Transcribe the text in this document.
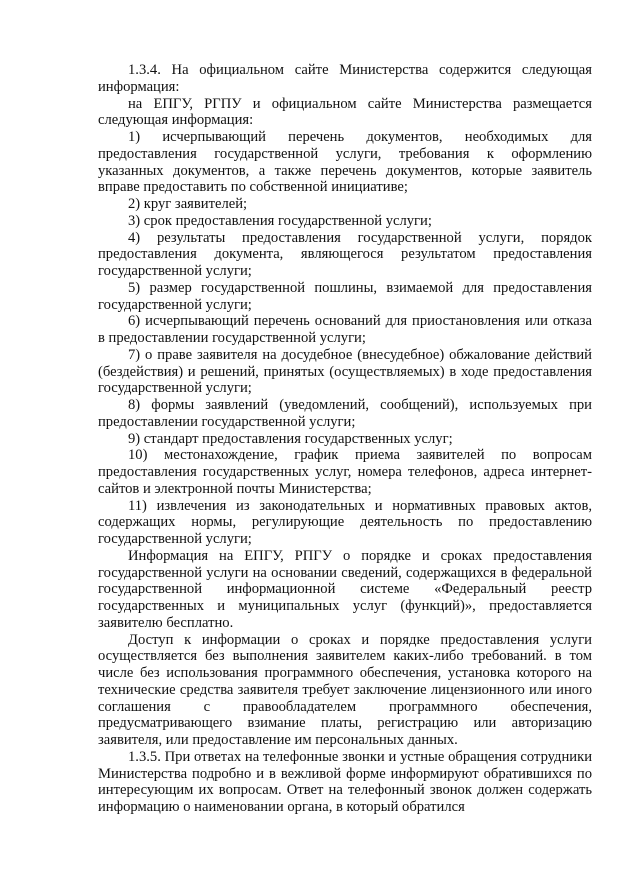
1.3.4. На официальном сайте Министерства содержится следующая информация:

на ЕПГУ, РГПУ и официальном сайте Министерства размещается следующая информация:

1) исчерпывающий перечень документов, необходимых для предоставления государственной услуги, требования к оформлению указанных документов, а также перечень документов, которые заявитель вправе предоставить по собственной инициативе;

2) круг заявителей;

3) срок предоставления государственной услуги;

4) результаты предоставления государственной услуги, порядок предоставления документа, являющегося результатом предоставления государственной услуги;

5) размер государственной пошлины, взимаемой для предоставления государственной услуги;

6) исчерпывающий перечень оснований для приостановления или отказа в предоставлении государственной услуги;

7) о праве заявителя на досудебное (внесудебное) обжалование действий (бездействия) и решений, принятых (осуществляемых) в ходе предоставления государственной услуги;

8) формы заявлений (уведомлений, сообщений), используемых при предоставлении государственной услуги;

9) стандарт предоставления государственных услуг;

10) местонахождение, график приема заявителей по вопросам предоставления государственных услуг, номера телефонов, адреса интернет-сайтов и электронной почты Министерства;

11) извлечения из законодательных и нормативных правовых актов, содержащих нормы, регулирующие деятельность по предоставлению государственной услуги;

Информация на ЕПГУ, РПГУ о порядке и сроках предоставления государственной услуги на основании сведений, содержащихся в федеральной государственной информационной системе «Федеральный реестр государственных и муниципальных услуг (функций)», предоставляется заявителю бесплатно.

Доступ к информации о сроках и порядке предоставления услуги осуществляется без выполнения заявителем каких-либо требований. в том числе без использования программного обеспечения, установка которого на технические средства заявителя требует заключение лицензионного или иного соглашения с правообладателем программного обеспечения, предусматривающего взимание платы, регистрацию или авторизацию заявителя, или предоставление им персональных данных.

1.3.5. При ответах на телефонные звонки и устные обращения сотрудники Министерства подробно и в вежливой форме информируют обратившихся по интересующим их вопросам. Ответ на телефонный звонок должен содержать информацию о наименовании органа, в который обратился
